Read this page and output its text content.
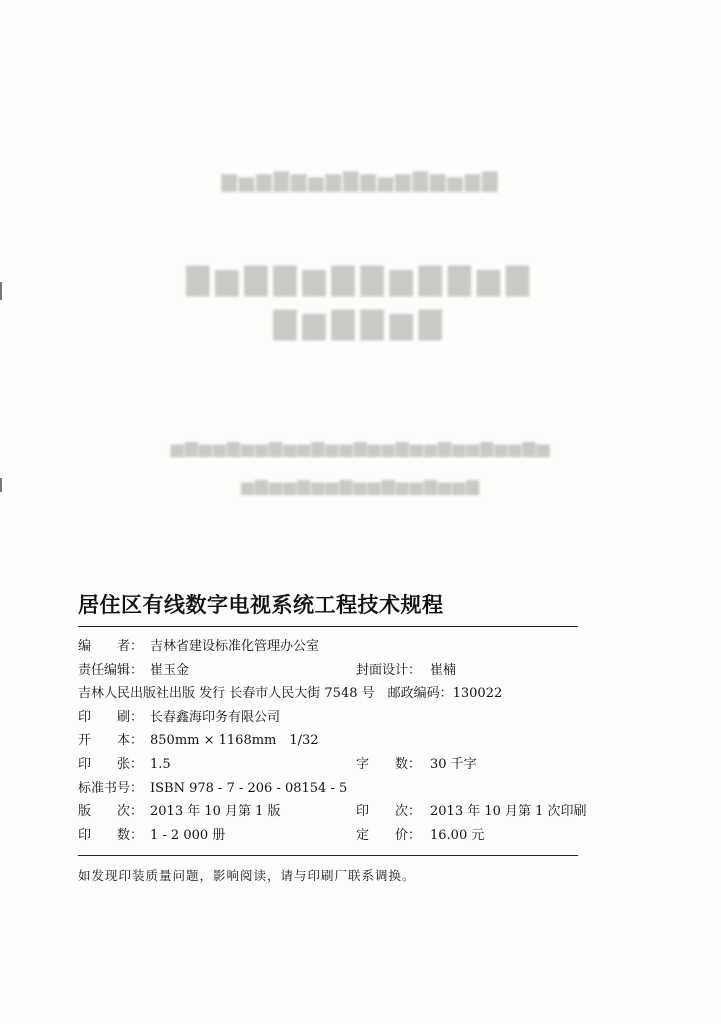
▆▅▆▇▆▅▆▇▆▅▆▇▆▅▆▇
▇▆▇▇▆▇▇▆▇▇▆▇
▇▆▇▇▆▇
▅▆▅▅▆▅▅▆▅▅▆▅▅▆▅▅▆▅▅▆▅▅▆▅▅▆▅
▅▆▅▅▆▅▅▆▅▅▆▅▅▆▅▅▆
居住区有线数字电视系统工程技术规程
编　　者： 吉林省建设标准化管理办公室
责任编辑： 崔玉金	封面设计： 崔楠
吉林人民出版社出版 发行 长春市人民大街 7548 号　邮政编码：130022
印　　刷： 长春鑫海印务有限公司
开　　本： 850mm × 1168mm　1/32
印　　张： 1.5	字　　数： 30 千字
标准书号： ISBN 978 - 7 - 206 - 08154 - 5
版　　次： 2013 年 10 月第 1 版	印　　次： 2013 年 10 月第 1 次印刷
印　　数： 1 - 2 000 册	定　　价： 16.00 元
如发现印装质量问题，影响阅读，请与印刷厂联系调换。
